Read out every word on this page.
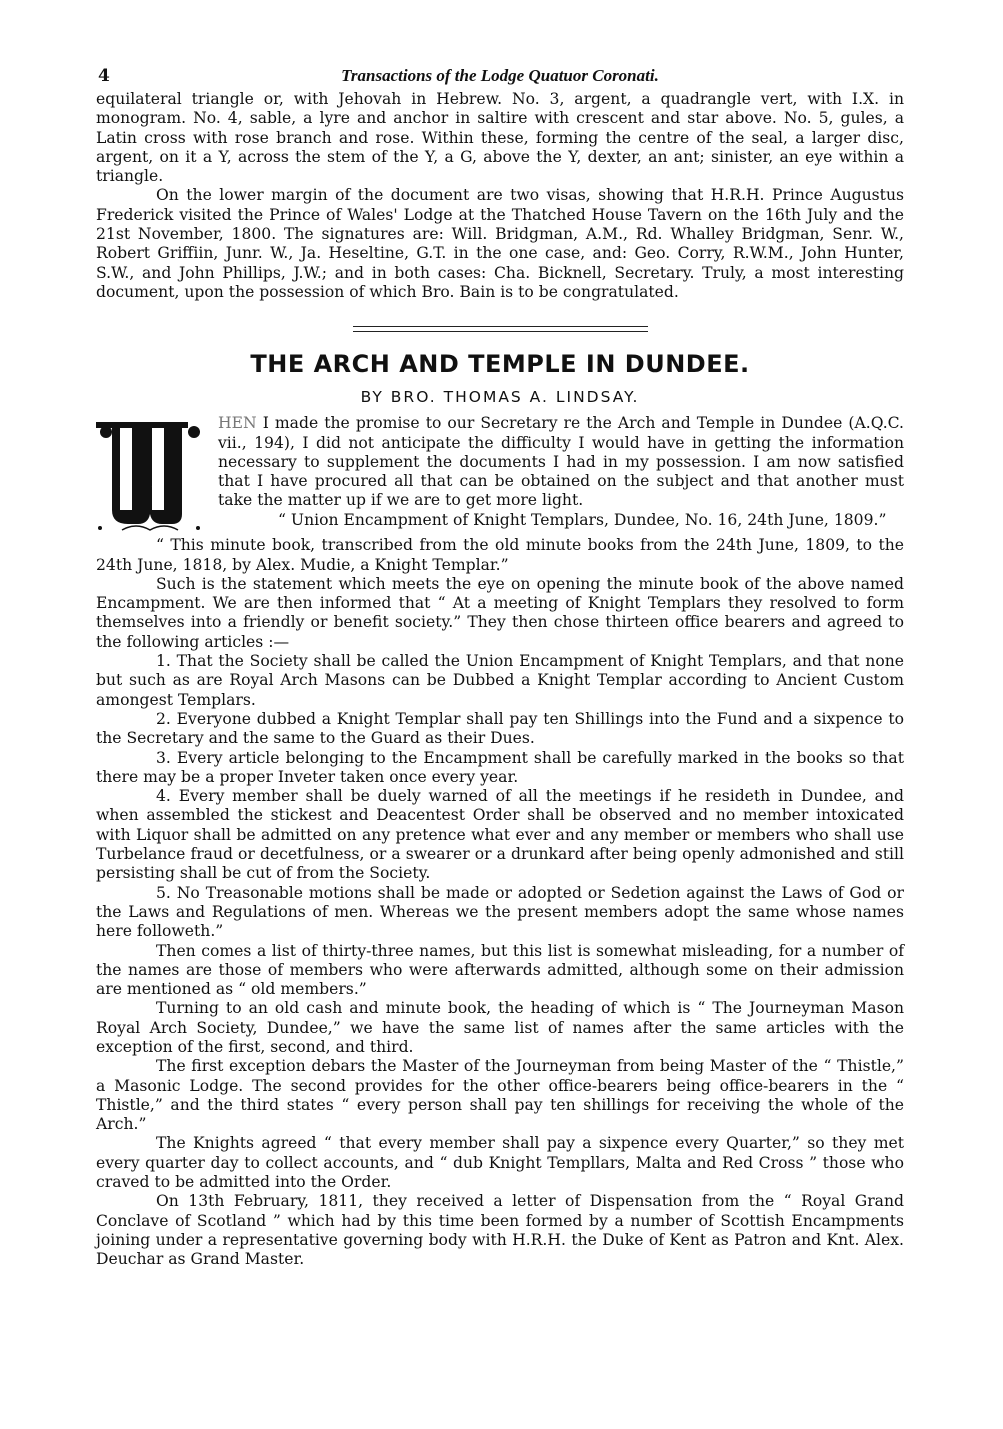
4	Transactions of the Lodge Quatuor Coronati.

equilateral triangle or, with Jehovah in Hebrew. No. 3, argent, a quadrangle vert, with I.X. in monogram. No. 4, sable, a lyre and anchor in saltire with crescent and star above. No. 5, gules, a Latin cross with rose branch and rose. Within these, forming the centre of the seal, a larger disc, argent, on it a Y, across the stem of the Y, a G, above the Y, dexter, an ant; sinister, an eye within a triangle.

On the lower margin of the document are two visas, showing that H.R.H. Prince Augustus Frederick visited the Prince of Wales' Lodge at the Thatched House Tavern on the 16th July and the 21st November, 1800. The signatures are: Will. Bridgman, A.M., Rd. Whalley Bridgman, Senr. W., Robert Griffiin, Junr. W., Ja. Heseltine, G.T. in the one case, and: Geo. Corry, R.W.M., John Hunter, S.W., and John Phillips, J.W.; and in both cases: Cha. Bicknell, Secretary. Truly, a most interesting document, upon the possession of which Bro. Bain is to be congratulated.

THE ARCH AND TEMPLE IN DUNDEE.
BY BRO. THOMAS A. LINDSAY.

HEN I made the promise to our Secretary re the Arch and Temple in Dundee (A.Q.C. vii., 194), I did not anticipate the difficulty I would have in getting the information necessary to supplement the documents I had in my possession. I am now satisfied that I have procured all that can be obtained on the subject and that another must take the matter up if we are to get more light.

“ Union Encampment of Knight Templars, Dundee, No. 16, 24th June, 1809.”

“ This minute book, transcribed from the old minute books from the 24th June, 1809, to the 24th June, 1818, by Alex. Mudie, a Knight Templar.”

Such is the statement which meets the eye on opening the minute book of the above named Encampment. We are then informed that “ At a meeting of Knight Templars they resolved to form themselves into a friendly or benefit society.” They then chose thirteen office bearers and agreed to the following articles :—

1. That the Society shall be called the Union Encampment of Knight Templars, and that none but such as are Royal Arch Masons can be Dubbed a Knight Templar according to Ancient Custom amongest Templars.

2. Everyone dubbed a Knight Templar shall pay ten Shillings into the Fund and a sixpence to the Secretary and the same to the Guard as their Dues.

3. Every article belonging to the Encampment shall be carefully marked in the books so that there may be a proper Inveter taken once every year.

4. Every member shall be duely warned of all the meetings if he resideth in Dundee, and when assembled the stickest and Deacentest Order shall be observed and no member intoxicated with Liquor shall be admitted on any pretence what ever and any member or members who shall use Turbelance fraud or decetfulness, or a swearer or a drunkard after being openly admonished and still persisting shall be cut of from the Society.

5. No Treasonable motions shall be made or adopted or Sedetion against the Laws of God or the Laws and Regulations of men. Whereas we the present members adopt the same whose names here followeth.”

Then comes a list of thirty-three names, but this list is somewhat misleading, for a number of the names are those of members who were afterwards admitted, although some on their admission are mentioned as “ old members.”

Turning to an old cash and minute book, the heading of which is “ The Journeyman Mason Royal Arch Society, Dundee,” we have the same list of names after the same articles with the exception of the first, second, and third.

The first exception debars the Master of the Journeyman from being Master of the “ Thistle,” a Masonic Lodge. The second provides for the other office-bearers being office-bearers in the “ Thistle,” and the third states “ every person shall pay ten shillings for receiving the whole of the Arch.”

The Knights agreed “ that every member shall pay a sixpence every Quarter,” so they met every quarter day to collect accounts, and “ dub Knight Templlars, Malta and Red Cross ” those who craved to be admitted into the Order.

On 13th February, 1811, they received a letter of Dispensation from the “ Royal Grand Conclave of Scotland ” which had by this time been formed by a number of Scottish Encampments joining under a representative governing body with H.R.H. the Duke of Kent as Patron and Knt. Alex. Deuchar as Grand Master.
